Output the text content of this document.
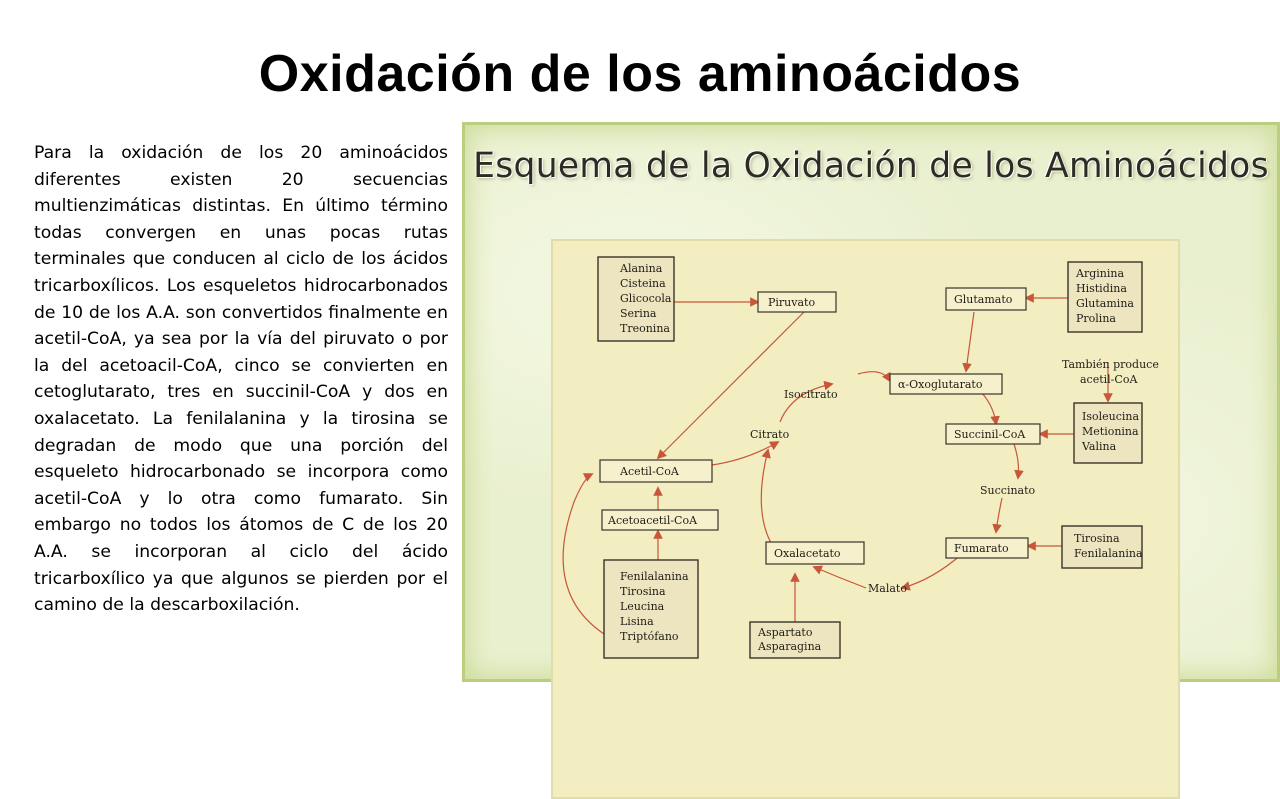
Oxidación de los aminoácidos
Para la oxidación de los 20 aminoácidos diferentes existen 20 secuencias multienzimáticas distintas. En último término todas convergen en unas pocas rutas terminales que conducen al ciclo de los ácidos tricarboxílicos. Los esqueletos hidrocarbonados de 10 de los A.A. son convertidos finalmente en acetil-CoA, ya sea por la vía del piruvato o por la del acetoacil-CoA, cinco se convierten en cetoglutarato, tres en succinil-CoA y dos en oxalacetato. La fenilalanina y la tirosina se degradan de modo que una porción del esqueleto hidrocarbonado se incorpora como acetil-CoA y lo otra como fumarato. Sin embargo no todos los átomos de C de los 20 A.A. se incorporan al ciclo del ácido tricarboxílico ya que algunos se pierden por el camino de la descarboxilación.
Esquema de la Oxidación de los Aminoácidos
Alanina
Cisteina
Glicocola
Serina
Treonina
Arginina
Histidina
Glutamina
Prolina
También produce
acetil-CoA
Isoleucina
Metionina
Valina
Tirosina
Fenilalanina
Aspartato
Asparagina
Fenilalanina
Tirosina
Leucina
Lisina
Triptófano
Piruvato	Glutamato
α-Oxoglutarato
Succinil-CoA
Fumarato
Oxalacetato
Acetil-CoA
Acetoacetil-CoA
Isocitrato
Citrato
Succinato
Malato
